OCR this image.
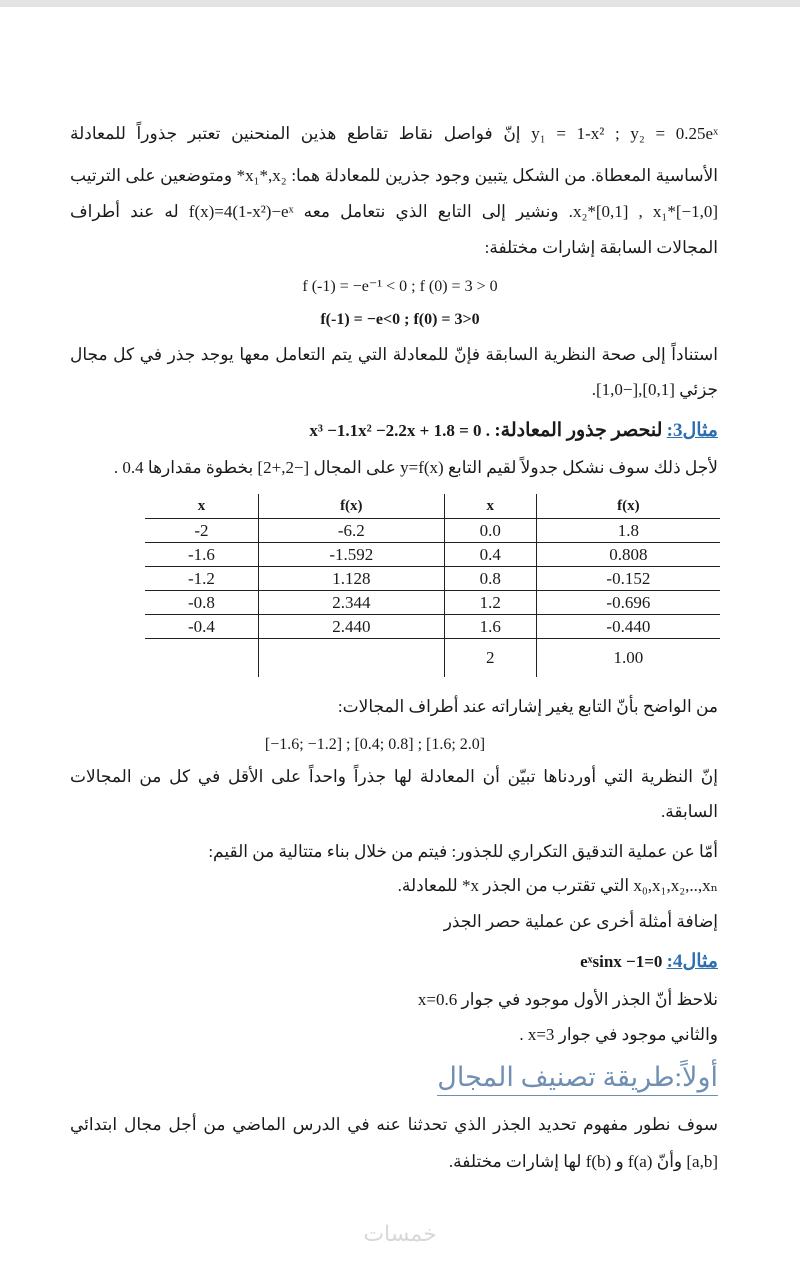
y₁ = 1-x² ; y₂ = 0.25eˣ إنّ فواصل نقاط تقاطع هذين المنحنين تعتبر جذوراً للمعادلة
الأساسية المعطاة. من الشكل يتبين وجود جذرين للمعادلة هما: x₁*,x₂* ومتوضعين على الترتيب
x₂*[0,1] , x₁*[−1,0]. ونشير إلى التابع الذي نتعامل معه f(x)=4(1-x²)−eˣ له عند أطراف
المجالات السابقة إشارات مختلفة:
f (-1) = −e⁻¹ < 0 ; f (0) = 3 > 0
f(-1) = −e<0 ; f(0) = 3>0
استناداً إلى صحة النظرية السابقة فإنّ للمعادلة التي يتم التعامل معها يوجد جذر في كل مجال
جزئي [0,1],[−1,0].
مثال3: لنحصر جذور المعادلة: x³ −1.1x² −2.2x + 1.8 = 0 .
لأجل ذلك سوف نشكل جدولاً لقيم التابع y=f(x) على المجال [−2,+2] بخطوة مقدارها 0.4 .
x	f(x)	x	f(x)
-2	-6.2	0.0	1.8
-1.6	-1.592	0.4	0.808
-1.2	1.128	0.8	-0.152
-0.8	2.344	1.2	-0.696
-0.4	2.440	1.6	-0.440
		2	1.00
من الواضح بأنّ التابع يغير إشاراته عند أطراف المجالات:
[−1.6; −1.2] ; [0.4; 0.8] ; [1.6; 2.0]
إنّ النظرية التي أوردناها تبيّن أن المعادلة لها جذراً واحداً على الأقل في كل من المجالات
السابقة.
أمّا عن عملية التدقيق التكراري للجذور: فيتم من خلال بناء متتالية من القيم:
x₀,x₁,x₂,..,xₙ التي تقترب من الجذر x* للمعادلة.
إضافة أمثلة أخرى عن عملية حصر الجذر
مثال4: eˣsinx −1=0
نلاحظ أنّ الجذر الأول موجود في جوار x=0.6
والثاني موجود في جوار x=3 .
أولاً:طريقة تصنيف المجال
سوف نطور مفهوم تحديد الجذر الذي تحدثنا عنه في الدرس الماضي من أجل مجال ابتدائي
[a,b] وأنّ f(a) و f(b) لها إشارات مختلفة.
خمسات
